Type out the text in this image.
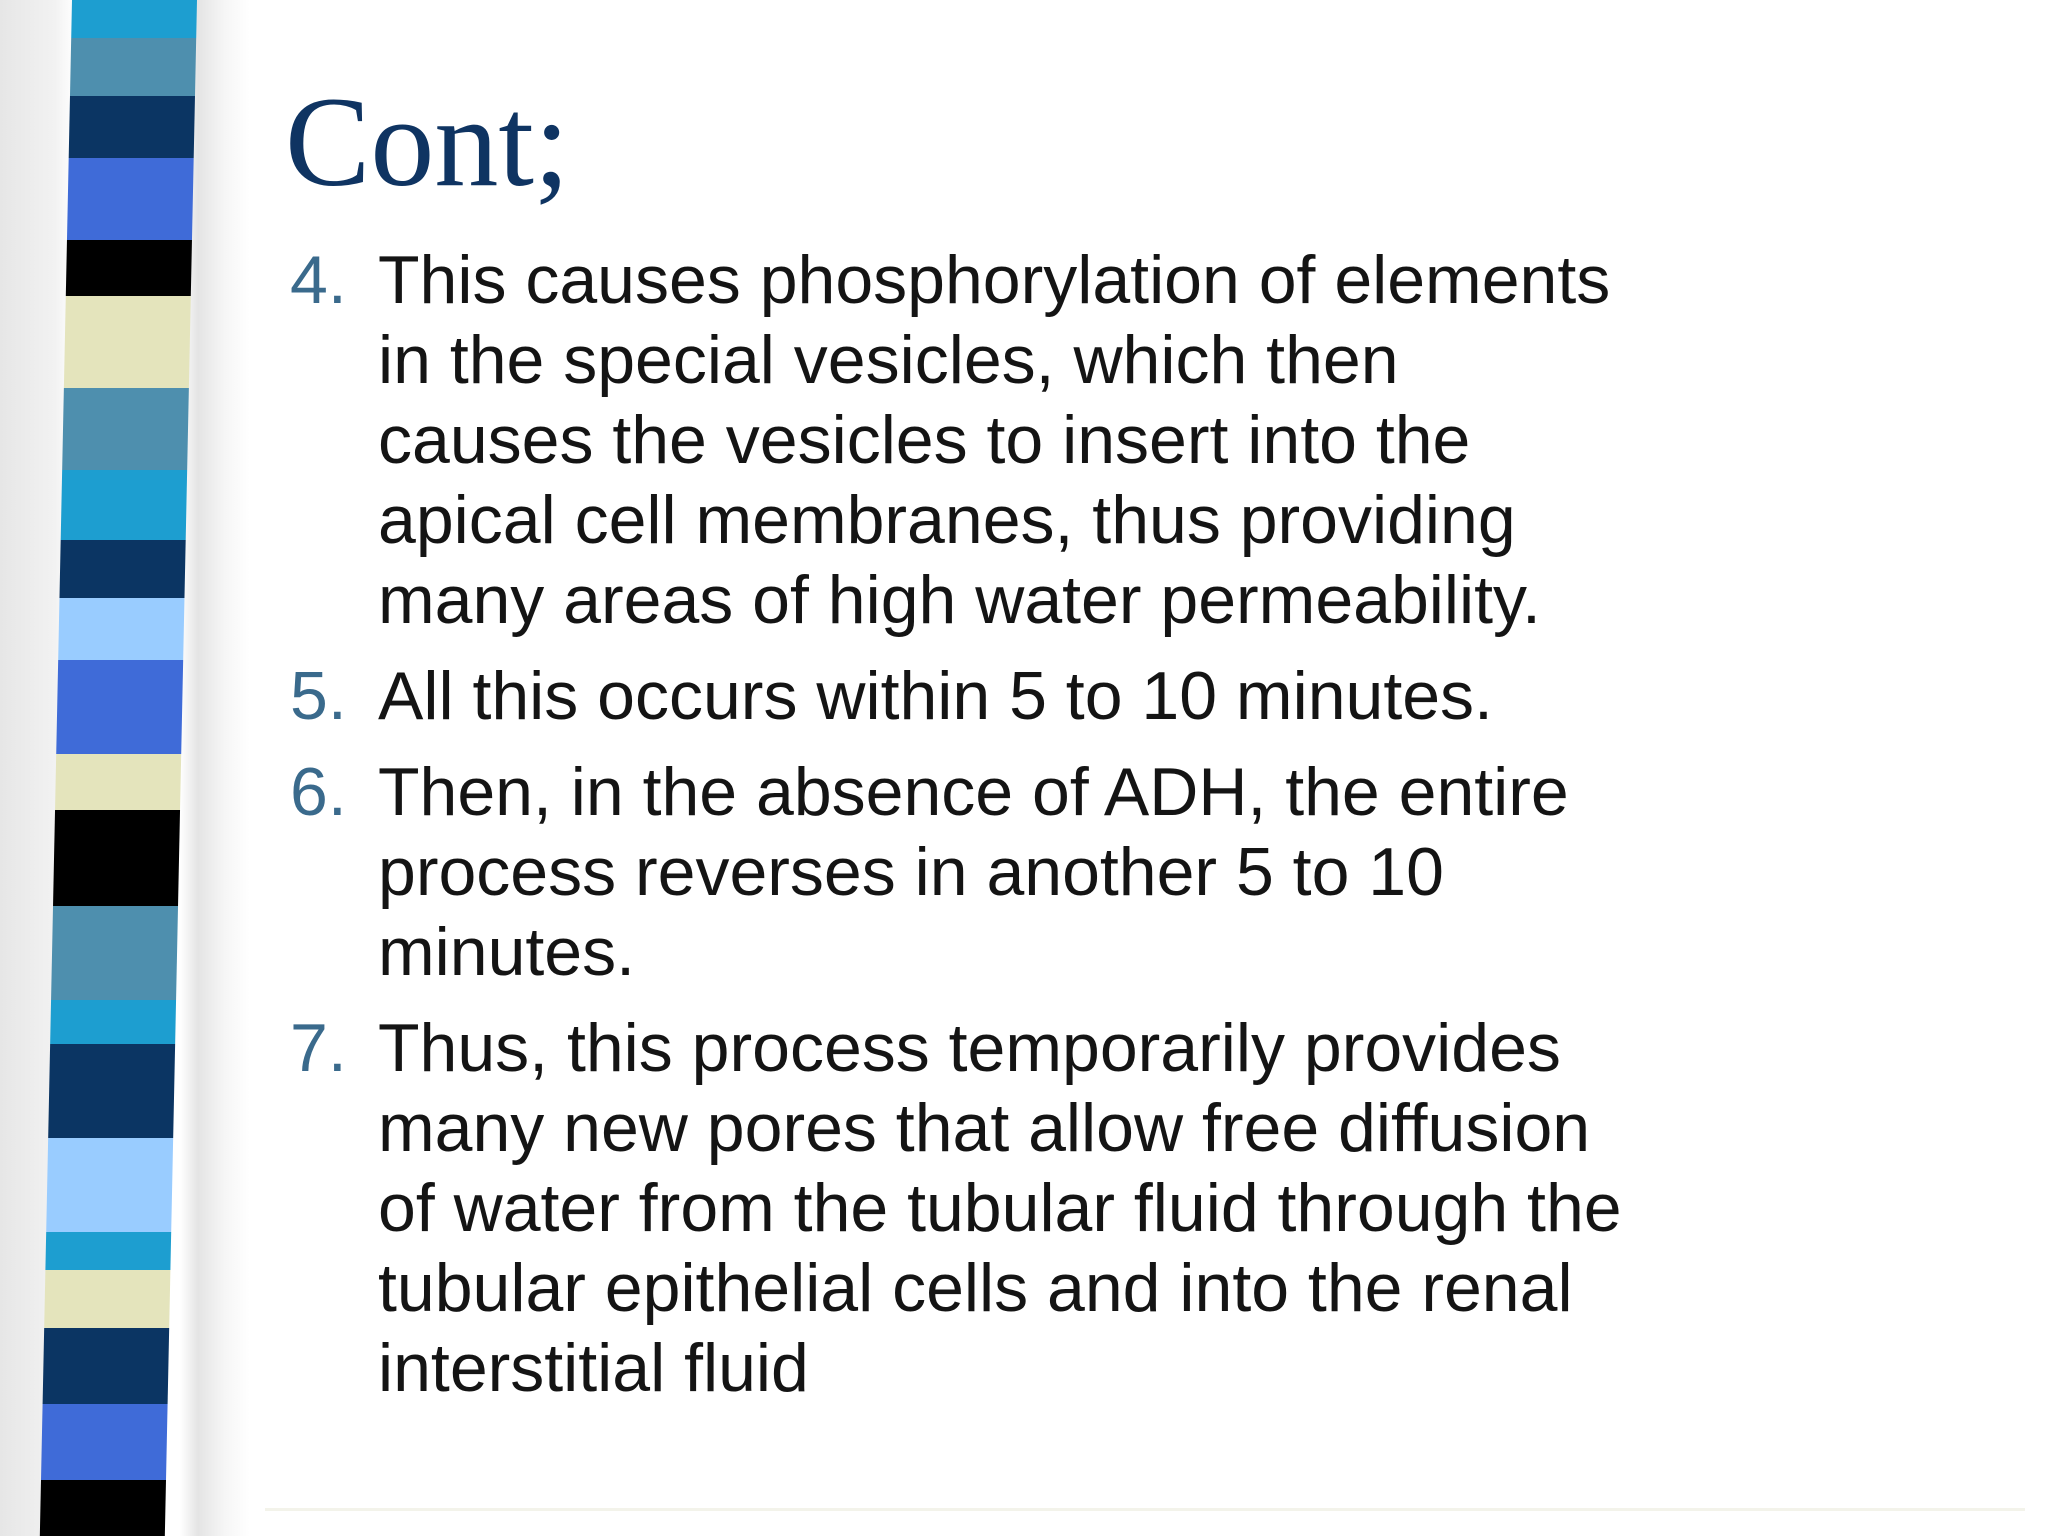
Cont;
4. This causes phosphorylation of elements
in the special vesicles, which then
causes the vesicles to insert into the
apical cell membranes, thus providing
many areas of high water permeability.
5. All this occurs within 5 to 10 minutes.
6. Then, in the absence of ADH, the entire
process reverses in another 5 to 10
minutes.
7. Thus, this process temporarily provides
many new pores that allow free diffusion
of water from the tubular fluid through the
tubular epithelial cells and into the renal
interstitial fluid
